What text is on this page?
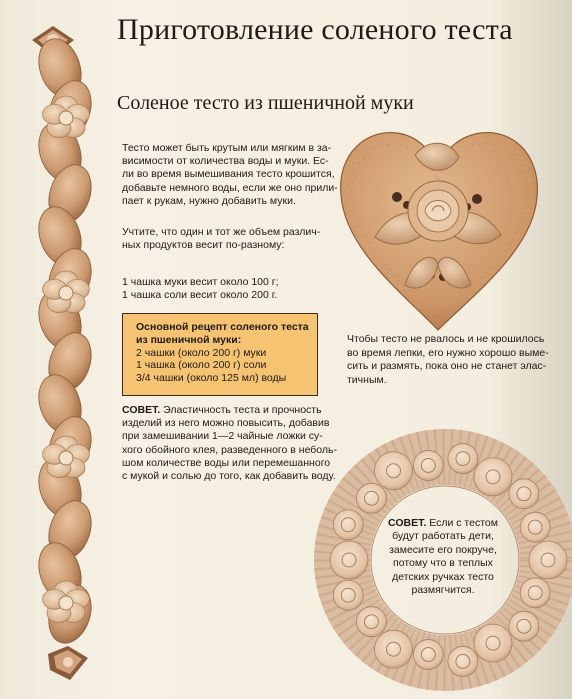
Приготовление соленого теста
Соленое тесто из пшеничной муки
Тесто может быть крутым или мягким в за-
висимости от количества воды и муки. Ес-
ли во время вымешивания тесто крошится,
добавьте немного воды, если же оно прили-
пает к рукам, нужно добавить муки.
Учтите, что один и тот же объем различ-
ных продуктов весит по-разному:
1 чашка муки весит около 100 г;
1 чашка соли весит около 200 г.
Основной рецепт соленого теста
из пшеничной муки:
2 чашки (около 200 г) муки
1 чашка (около 200 г) соли
3/4 чашки (около 125 мл) воды
СОВЕТ. Эластичность теста и прочность
изделий из него можно повысить, добавив
при замешивании 1—2 чайные ложки су-
хого обойного клея, разведенного в неболь-
шом количестве воды или перемешанного
с мукой и солью до того, как добавить воду.
Чтобы тесто не рвалось и не крошилось
во время лепки, его нужно хорошо выме-
сить и размять, пока оно не станет элас-
тичным.
СОВЕТ. Если с тестом
будут работать дети,
замесите его покруче,
потому что в теплых
детских ручках тесто
размягчится.
